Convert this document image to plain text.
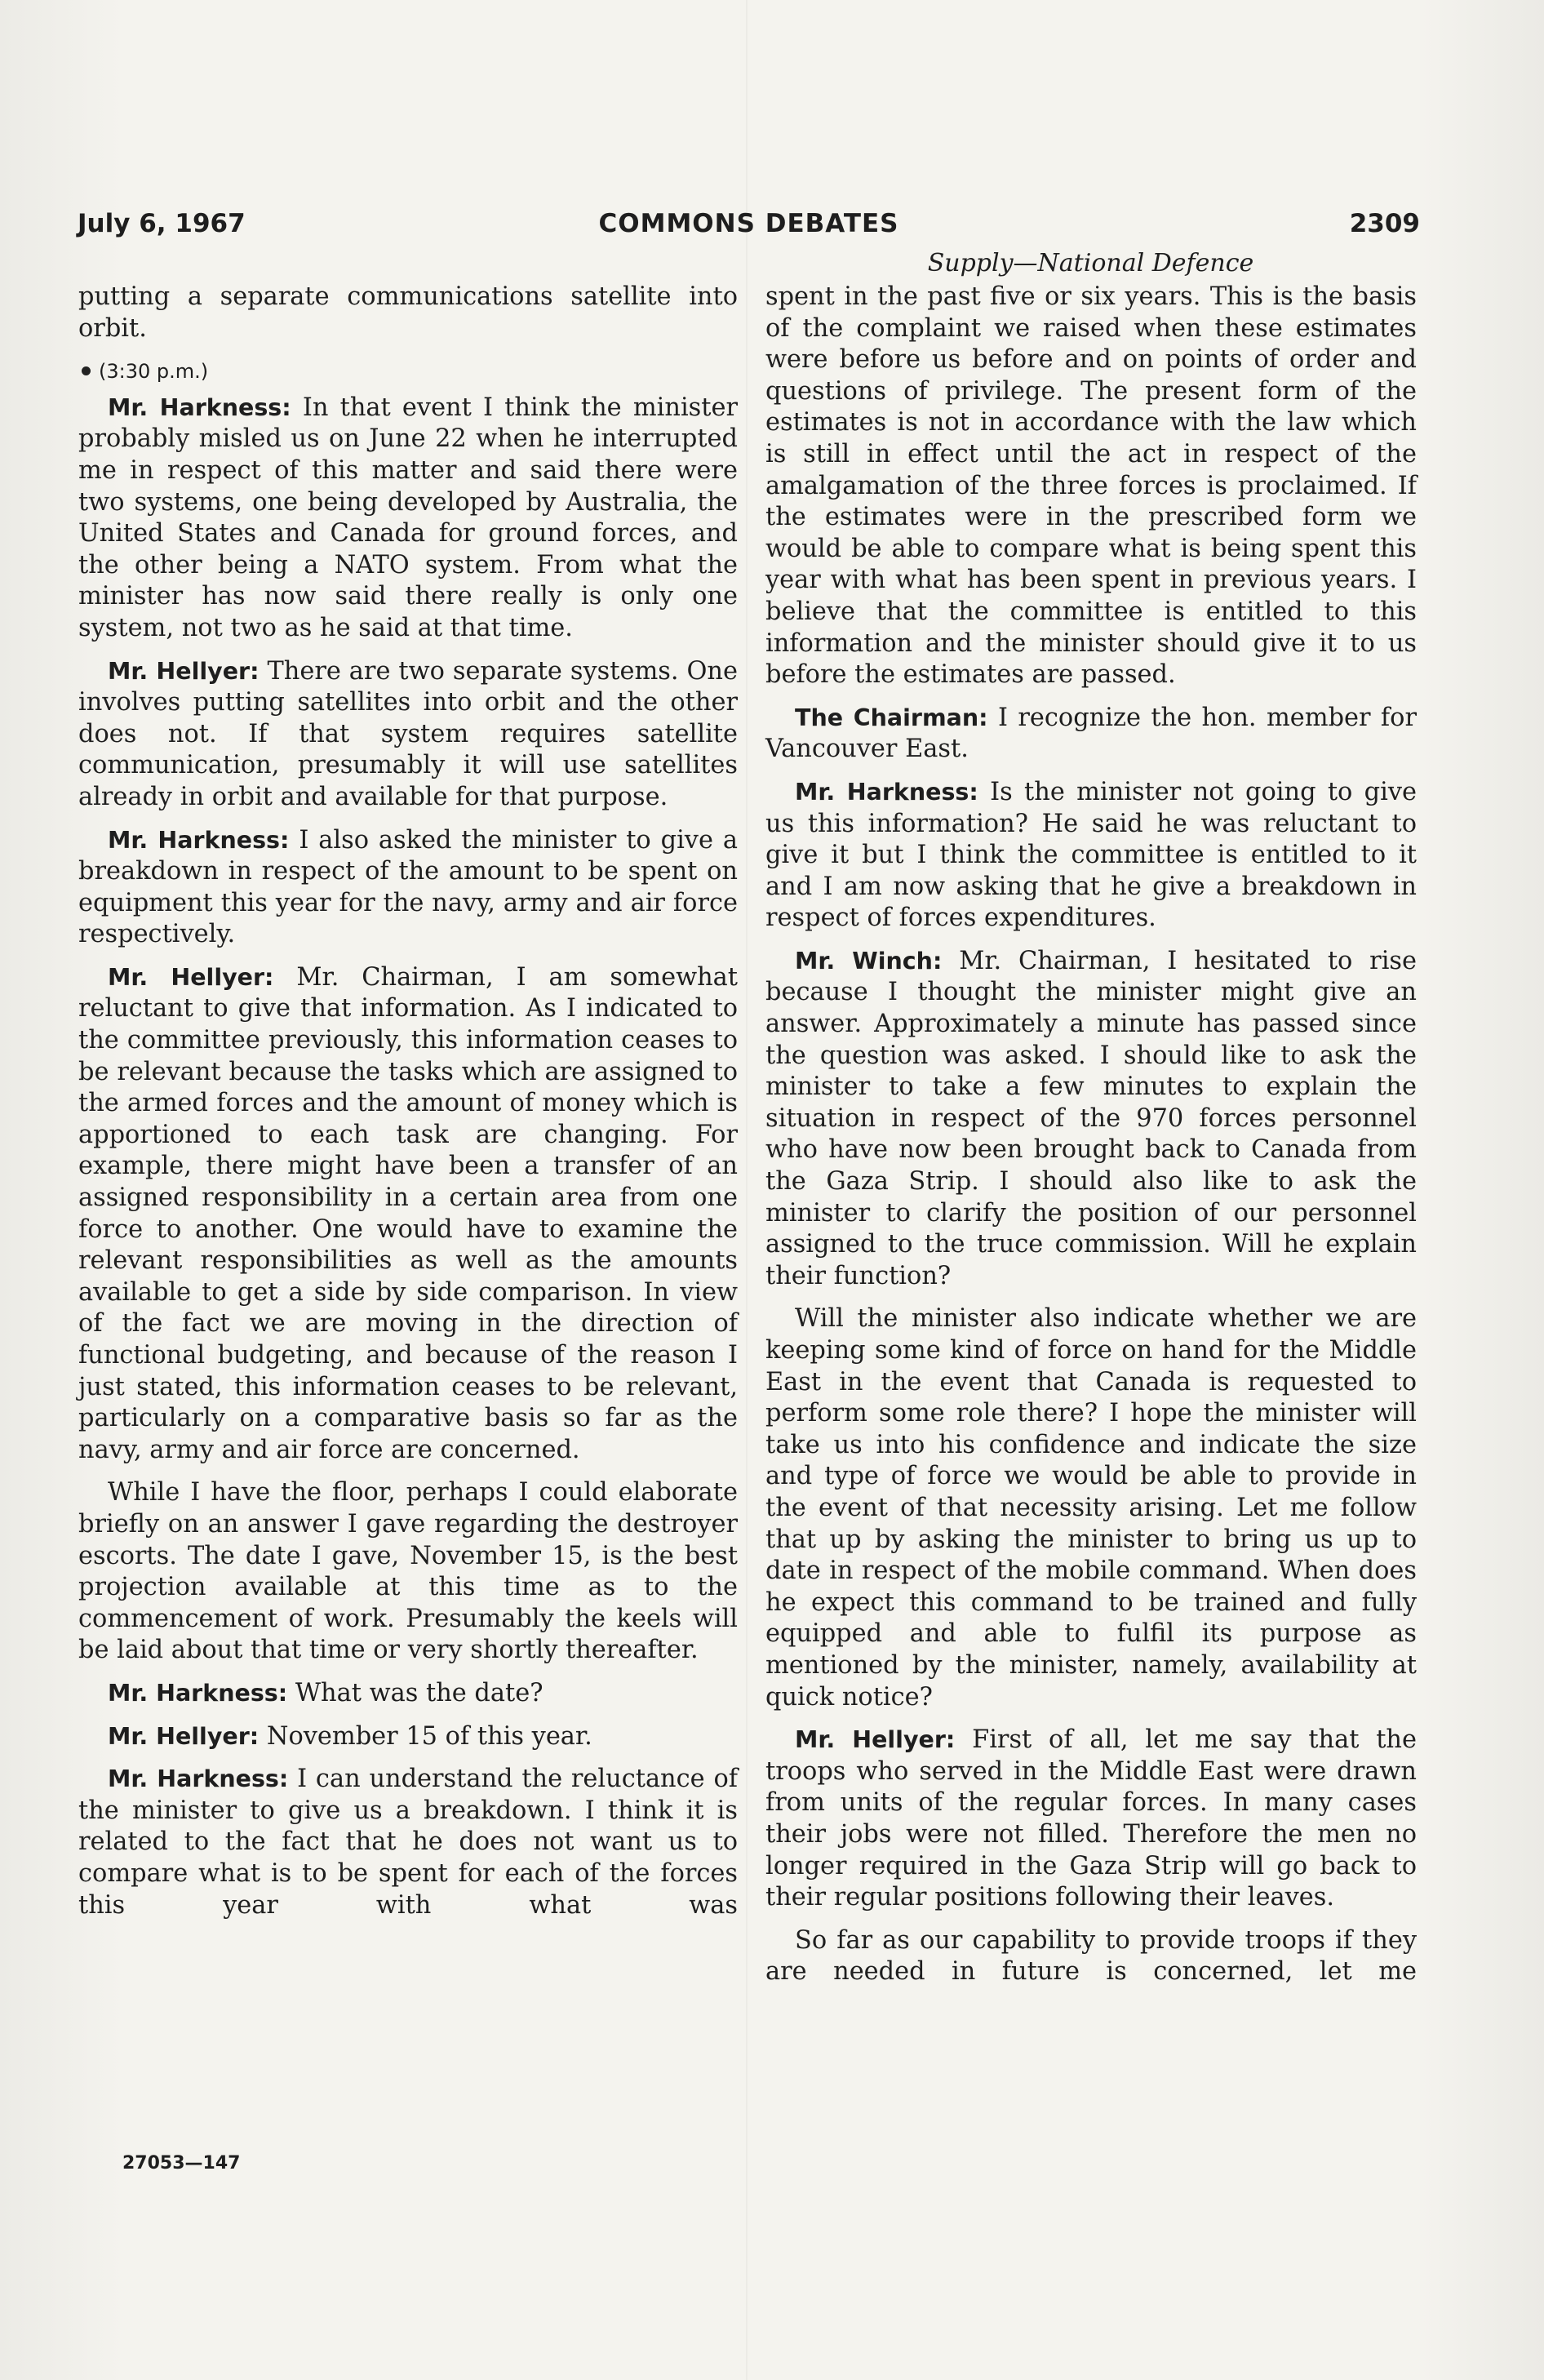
July 6, 1967	COMMONS DEBATES	2309
Supply—National Defence

putting a separate communications satellite into orbit.

(3:30 p.m.)

Mr. Harkness: In that event I think the minister probably misled us on June 22 when he interrupted me in respect of this matter and said there were two systems, one being developed by Australia, the United States and Canada for ground forces, and the other being a NATO system. From what the minister has now said there really is only one system, not two as he said at that time.

Mr. Hellyer: There are two separate systems. One involves putting satellites into orbit and the other does not. If that system requires satellite communication, presumably it will use satellites already in orbit and available for that purpose.

Mr. Harkness: I also asked the minister to give a breakdown in respect of the amount to be spent on equipment this year for the navy, army and air force respectively.

Mr. Hellyer: Mr. Chairman, I am somewhat reluctant to give that information. As I indicated to the committee previously, this information ceases to be relevant because the tasks which are assigned to the armed forces and the amount of money which is apportioned to each task are changing. For example, there might have been a transfer of an assigned responsibility in a certain area from one force to another. One would have to examine the relevant responsibilities as well as the amounts available to get a side by side comparison. In view of the fact we are moving in the direction of functional budgeting, and because of the reason I just stated, this information ceases to be relevant, particularly on a comparative basis so far as the navy, army and air force are concerned.

While I have the floor, perhaps I could elaborate briefly on an answer I gave regarding the destroyer escorts. The date I gave, November 15, is the best projection available at this time as to the commencement of work. Presumably the keels will be laid about that time or very shortly thereafter.

Mr. Harkness: What was the date?

Mr. Hellyer: November 15 of this year.

Mr. Harkness: I can understand the reluctance of the minister to give us a breakdown. I think it is related to the fact that he does not want us to compare what is to be spent for each of the forces this year with what was

spent in the past five or six years. This is the basis of the complaint we raised when these estimates were before us before and on points of order and questions of privilege. The present form of the estimates is not in accordance with the law which is still in effect until the act in respect of the amalgamation of the three forces is proclaimed. If the estimates were in the prescribed form we would be able to compare what is being spent this year with what has been spent in previous years. I believe that the committee is entitled to this information and the minister should give it to us before the estimates are passed.

The Chairman: I recognize the hon. member for Vancouver East.

Mr. Harkness: Is the minister not going to give us this information? He said he was reluctant to give it but I think the committee is entitled to it and I am now asking that he give a breakdown in respect of forces expenditures.

Mr. Winch: Mr. Chairman, I hesitated to rise because I thought the minister might give an answer. Approximately a minute has passed since the question was asked. I should like to ask the minister to take a few minutes to explain the situation in respect of the 970 forces personnel who have now been brought back to Canada from the Gaza Strip. I should also like to ask the minister to clarify the position of our personnel assigned to the truce commission. Will he explain their function?

Will the minister also indicate whether we are keeping some kind of force on hand for the Middle East in the event that Canada is requested to perform some role there? I hope the minister will take us into his confidence and indicate the size and type of force we would be able to provide in the event of that necessity arising. Let me follow that up by asking the minister to bring us up to date in respect of the mobile command. When does he expect this command to be trained and fully equipped and able to fulfil its purpose as mentioned by the minister, namely, availability at quick notice?

Mr. Hellyer: First of all, let me say that the troops who served in the Middle East were drawn from units of the regular forces. In many cases their jobs were not filled. Therefore the men no longer required in the Gaza Strip will go back to their regular positions following their leaves.

So far as our capability to provide troops if they are needed in future is concerned, let me

27053—147
